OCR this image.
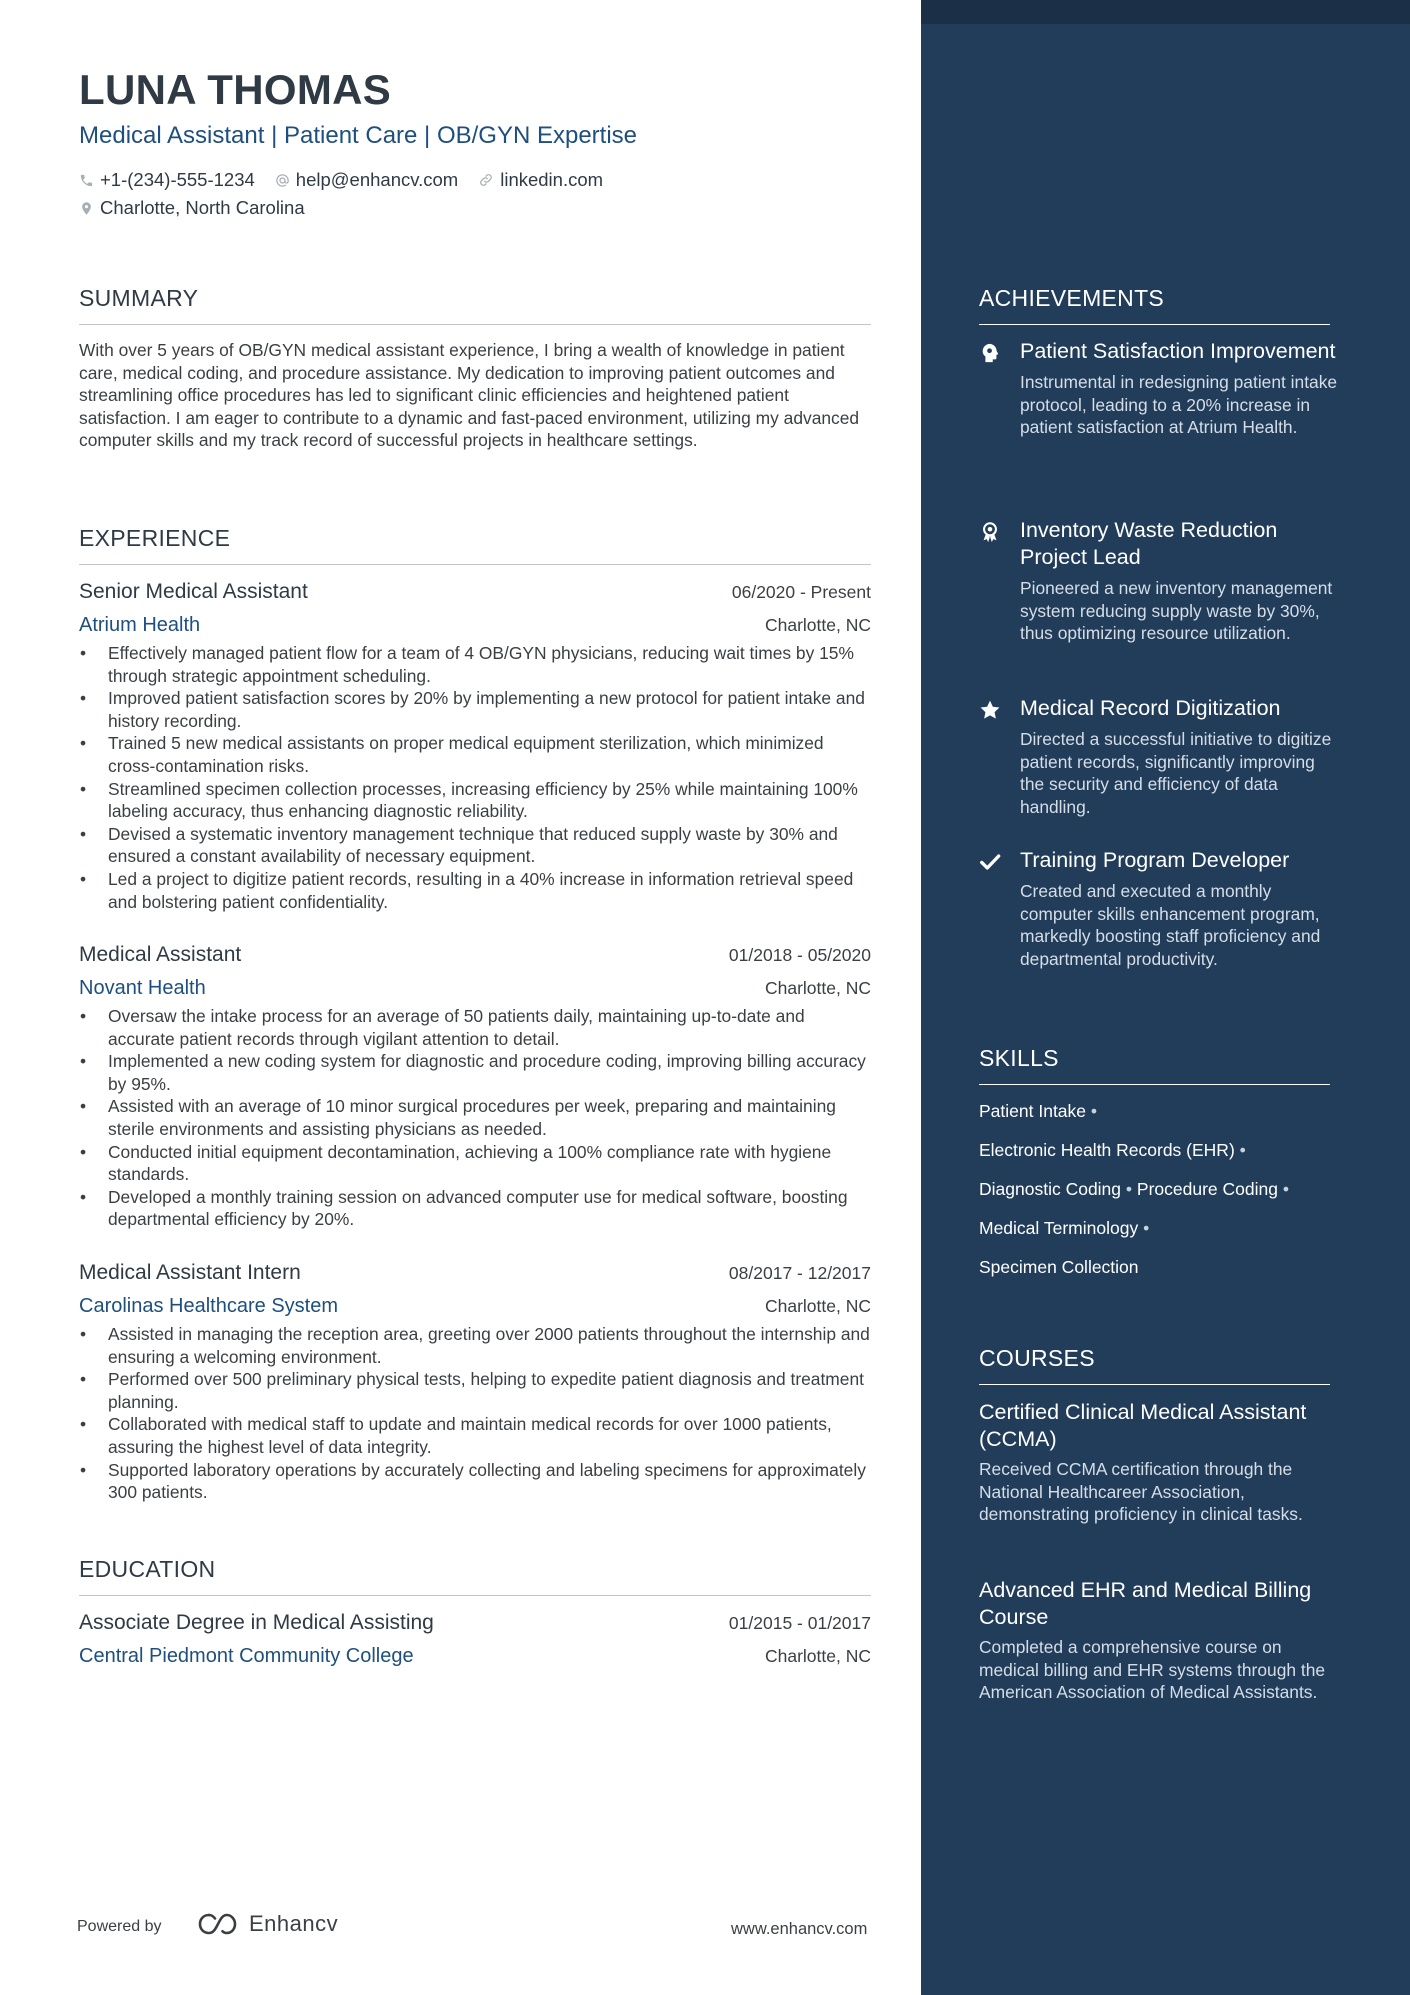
LUNA THOMAS
Medical Assistant | Patient Care | OB/GYN Expertise
+1-(234)-555-1234 help@enhancv.com linkedin.com
Charlotte, North Carolina
SUMMARY

With over 5 years of OB/GYN medical assistant experience, I bring a wealth of knowledge in patient care, medical coding, and procedure assistance. My dedication to improving patient outcomes and streamlining office procedures has led to significant clinic efficiencies and heightened patient satisfaction. I am eager to contribute to a dynamic and fast-paced environment, utilizing my advanced computer skills and my track record of successful projects in healthcare settings.

EXPERIENCE
Senior Medical Assistant	06/2020 - Present
Atrium Health	Charlotte, NC
• Effectively managed patient flow for a team of 4 OB/GYN physicians, reducing wait times by 15% through strategic appointment scheduling.
• Improved patient satisfaction scores by 20% by implementing a new protocol for patient intake and history recording.
• Trained 5 new medical assistants on proper medical equipment sterilization, which minimized cross-contamination risks.
• Streamlined specimen collection processes, increasing efficiency by 25% while maintaining 100% labeling accuracy, thus enhancing diagnostic reliability.
• Devised a systematic inventory management technique that reduced supply waste by 30% and ensured a constant availability of necessary equipment.
• Led a project to digitize patient records, resulting in a 40% increase in information retrieval speed and bolstering patient confidentiality.
Medical Assistant	01/2018 - 05/2020
Novant Health	Charlotte, NC
• Oversaw the intake process for an average of 50 patients daily, maintaining up-to-date and accurate patient records through vigilant attention to detail.
• Implemented a new coding system for diagnostic and procedure coding, improving billing accuracy by 95%.
• Assisted with an average of 10 minor surgical procedures per week, preparing and maintaining sterile environments and assisting physicians as needed.
• Conducted initial equipment decontamination, achieving a 100% compliance rate with hygiene standards.
• Developed a monthly training session on advanced computer use for medical software, boosting departmental efficiency by 20%.
Medical Assistant Intern	08/2017 - 12/2017
Carolinas Healthcare System	Charlotte, NC
• Assisted in managing the reception area, greeting over 2000 patients throughout the internship and ensuring a welcoming environment.
• Performed over 500 preliminary physical tests, helping to expedite patient diagnosis and treatment planning.
• Collaborated with medical staff to update and maintain medical records for over 1000 patients, assuring the highest level of data integrity.
• Supported laboratory operations by accurately collecting and labeling specimens for approximately 300 patients.
EDUCATION
Associate Degree in Medical Assisting	01/2015 - 01/2017
Central Piedmont Community College	Charlotte, NC
Powered by	Enhancv	www.enhancv.com
ACHIEVEMENTS
Patient Satisfaction Improvement
Instrumental in redesigning patient intake protocol, leading to a 20% increase in patient satisfaction at Atrium Health.
Inventory Waste Reduction Project Lead
Pioneered a new inventory management system reducing supply waste by 30%, thus optimizing resource utilization.
Medical Record Digitization
Directed a successful initiative to digitize patient records, significantly improving the security and efficiency of data handling.
Training Program Developer
Created and executed a monthly computer skills enhancement program, markedly boosting staff proficiency and departmental productivity.
SKILLS
Patient Intake •
Electronic Health Records (EHR) •
Diagnostic Coding • Procedure Coding •
Medical Terminology •
Specimen Collection
COURSES
Certified Clinical Medical Assistant (CCMA)
Received CCMA certification through the National Healthcareer Association, demonstrating proficiency in clinical tasks.
Advanced EHR and Medical Billing Course
Completed a comprehensive course on medical billing and EHR systems through the American Association of Medical Assistants.
